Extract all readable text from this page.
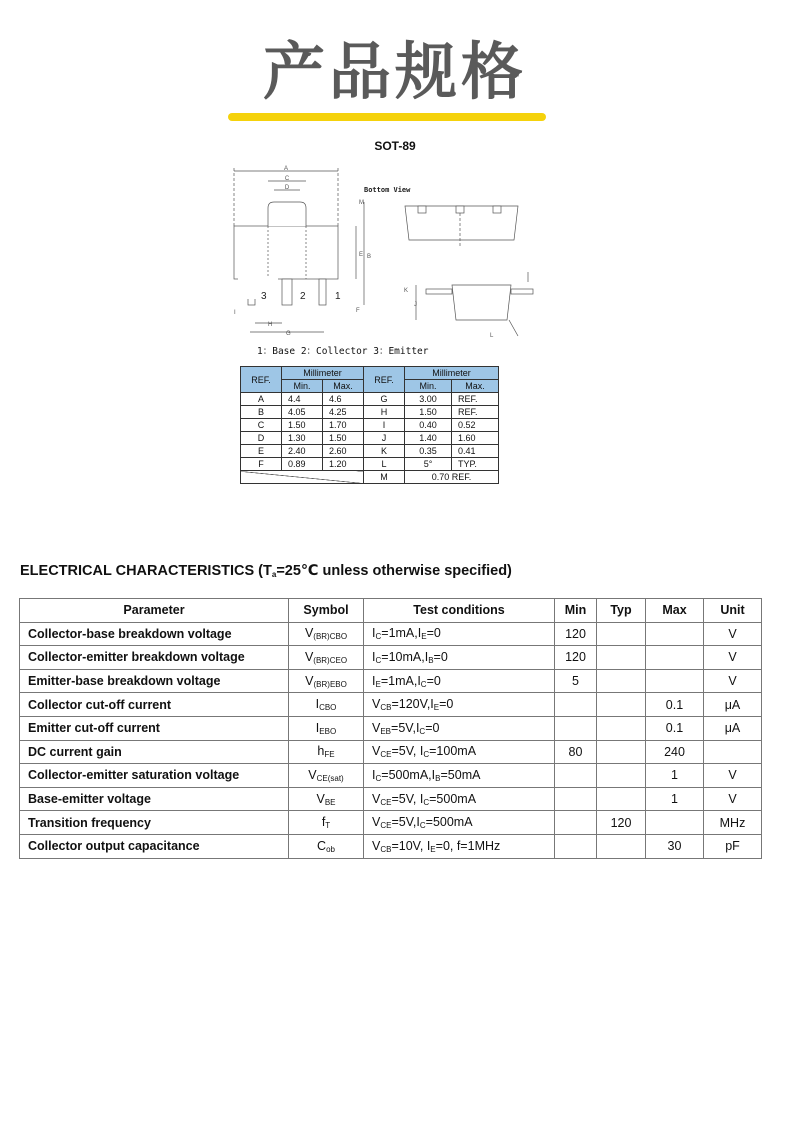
产品规格
SOT-89
A
C
D
3	2	1
H
G
I
B
E
M
F
Bottom View
K
J
L
1：Base 2：Collector 3：Emitter
REF.	Millimeter		REF.	Millimeter	
	Min.	Max.		Min.	Max.
A	4.4	4.6	G	3.00	REF.
B	4.05	4.25	H	1.50	REF.
C	1.50	1.70	I	0.40	0.52
D	1.30	1.50	J	1.40	1.60
E	2.40	2.60	K	0.35	0.41
F	0.89	1.20	L	5°	TYP.
			M	0.70 REF.	
ELECTRICAL CHARACTERISTICS ($T_a=25℃$ unless otherwise specified)
Parameter	Symbol	Test conditions	Min	Typ	Max	Unit
Collector-base breakdown voltage	$V_{(BR)CBO}$	$I_C=1mA,I_E=0$	120			V
Collector-emitter breakdown voltage	$V_{(BR)CEO}$	$I_C=10mA,I_B=0$	120			V
Emitter-base breakdown voltage	$V_{(BR)EBO}$	$I_E=1mA,I_C=0$	5			V
Collector cut-off current	$I_{CBO}$	$V_{CB}=120V,I_E=0$			0.1	μA
Emitter cut-off current	$I_{EBO}$	$V_{EB}=5V,I_C=0$			0.1	μA
DC current gain	$h_{FE}$	$V_{CE}=5V$, $I_C=100mA$	80		240	
Collector-emitter saturation voltage	$V_{CE(sat)}$	$I_C=500mA,I_B=50mA$			1	V
Base-emitter voltage	$V_{BE}$	$V_{CE}=5V$, $I_C=500mA$			1	V
Transition frequency	$f_T$	$V_{CE}=5V,I_C=500mA$		120		MHz
Collector output capacitance	$C_{ob}$	$V_{CB}=10V$, $I_E=0$, f=1MHz			30	pF
